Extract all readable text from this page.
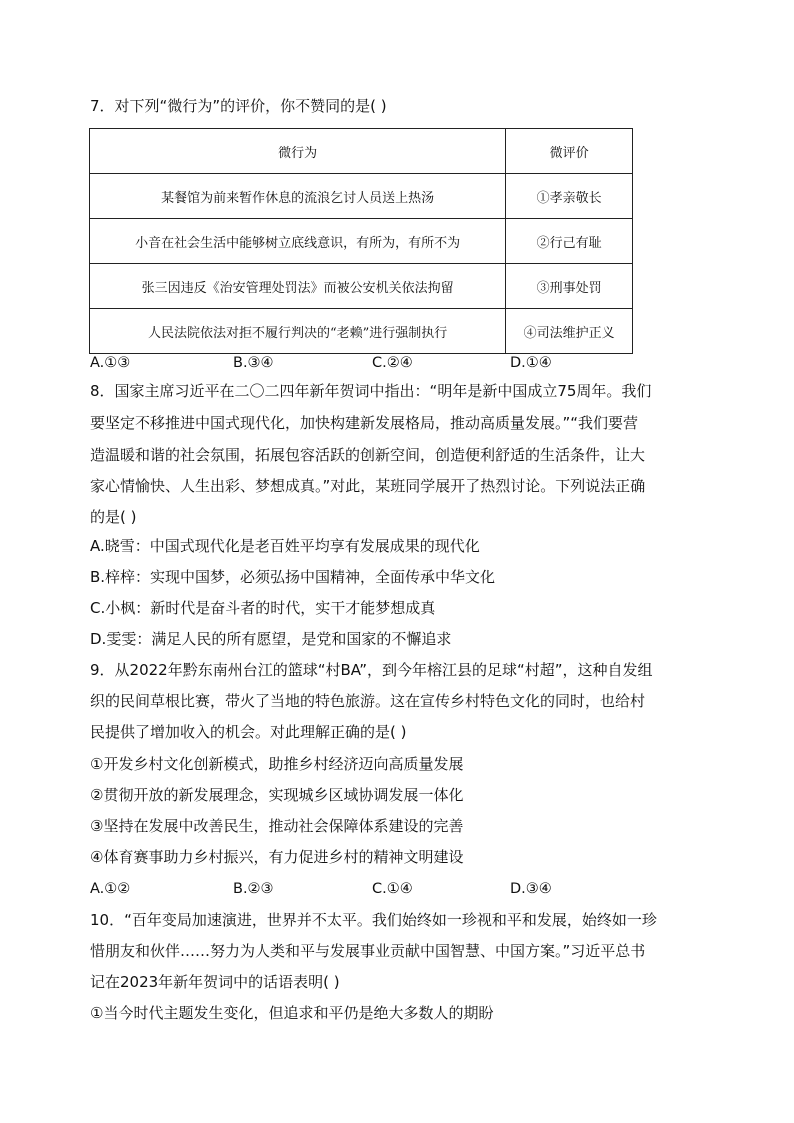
7．对下列“微行为”的评价，你不赞同的是( )
微行为	微评价
某餐馆为前来暂作休息的流浪乞讨人员送上热汤	①孝亲敬长
小音在社会生活中能够树立底线意识，有所为，有所不为	②行己有耻
张三因违反《治安管理处罚法》而被公安机关依法拘留	③刑事处罚
人民法院依法对拒不履行判决的“老赖”进行强制执行	④司法维护正义
A.①③	B.③④	C.②④	D.①④
8．国家主席习近平在二〇二四年新年贺词中指出：“明年是新中国成立75周年。我们
要坚定不移推进中国式现代化，加快构建新发展格局，推动高质量发展。”“我们要营
造温暖和谐的社会氛围，拓展包容活跃的创新空间，创造便利舒适的生活条件，让大
家心情愉快、人生出彩、梦想成真。”对此，某班同学展开了热烈讨论。下列说法正确
的是( )
A.晓雪：中国式现代化是老百姓平均享有发展成果的现代化
B.梓梓：实现中国梦，必须弘扬中国精神，全面传承中华文化
C.小枫：新时代是奋斗者的时代，实干才能梦想成真
D.雯雯：满足人民的所有愿望，是党和国家的不懈追求
9．从2022年黔东南州台江的篮球“村BA”，到今年榕江县的足球“村超”，这种自发组
织的民间草根比赛，带火了当地的特色旅游。这在宣传乡村特色文化的同时，也给村
民提供了增加收入的机会。对此理解正确的是( )
①开发乡村文化创新模式，助推乡村经济迈向高质量发展
②贯彻开放的新发展理念，实现城乡区域协调发展一体化
③坚持在发展中改善民生，推动社会保障体系建设的完善
④体育赛事助力乡村振兴，有力促进乡村的精神文明建设
A.①②	B.②③	C.①④	D.③④
10．“百年变局加速演进，世界并不太平。我们始终如一珍视和平和发展，始终如一珍
惜朋友和伙伴……努力为人类和平与发展事业贡献中国智慧、中国方案。”习近平总书
记在2023年新年贺词中的话语表明( )
①当今时代主题发生变化，但追求和平仍是绝大多数人的期盼
